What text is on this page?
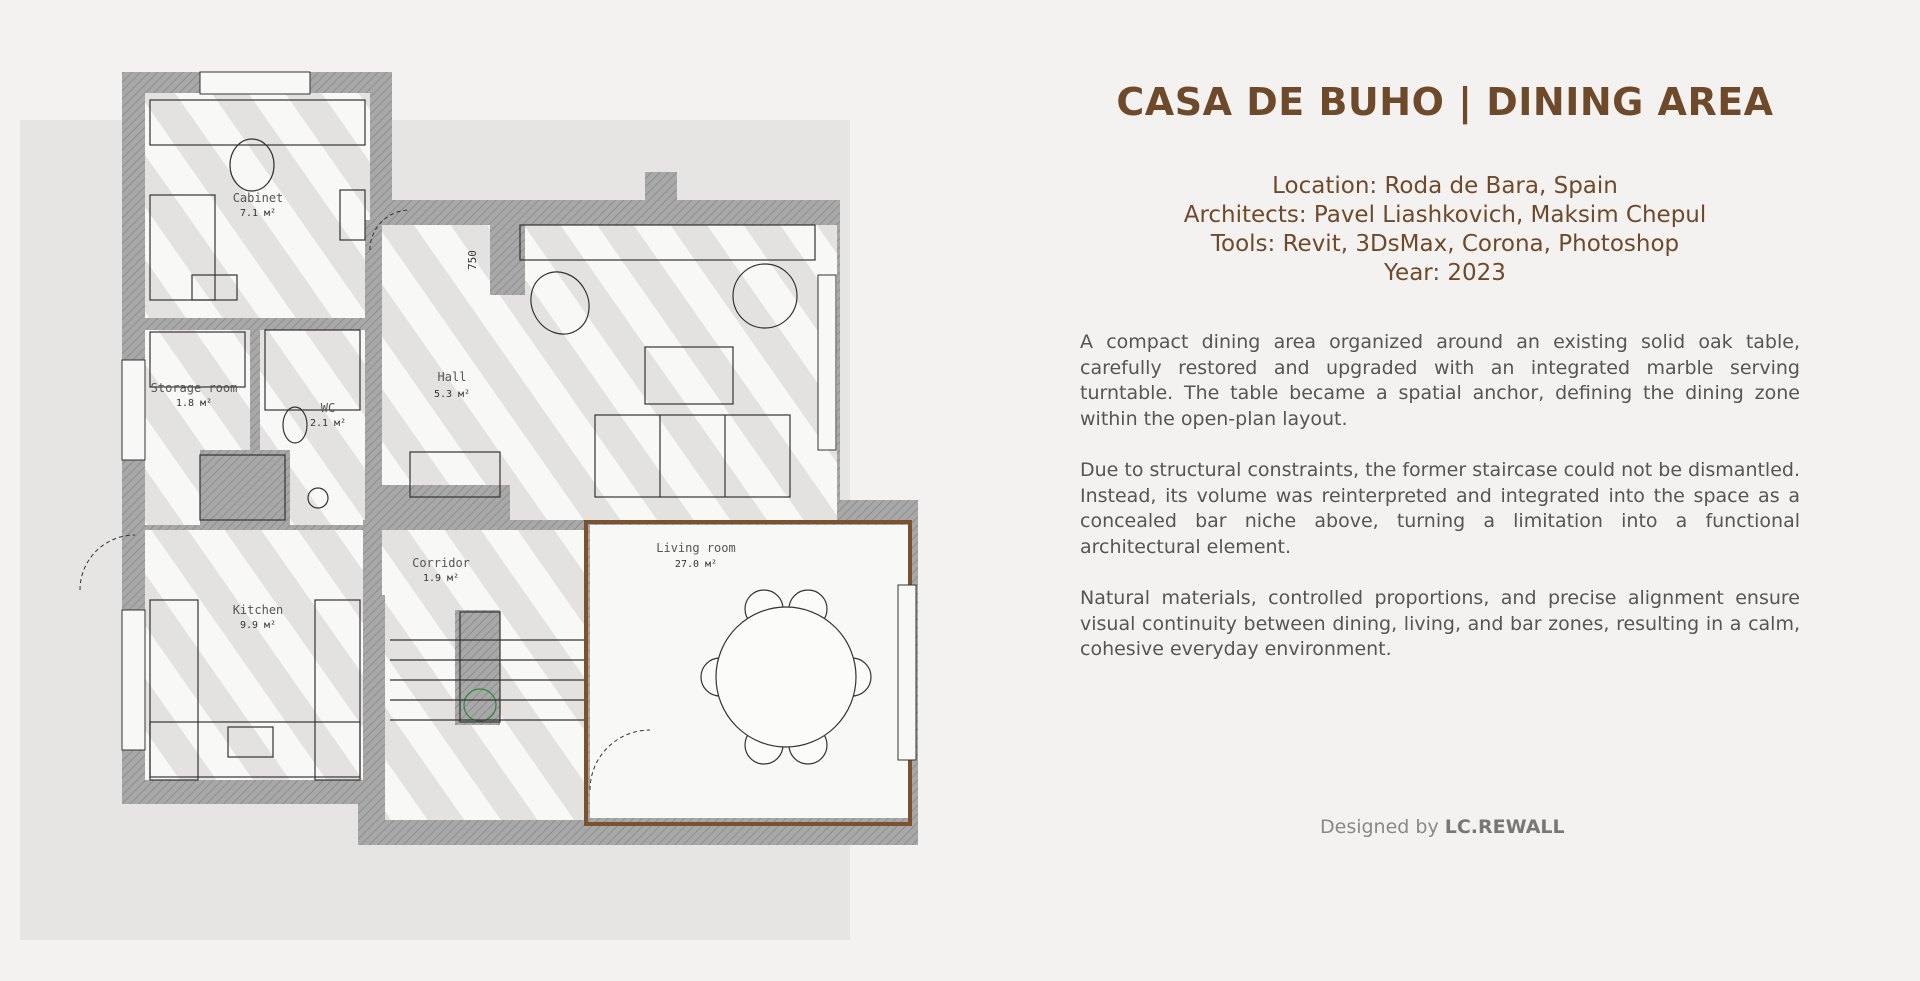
Cabinet
7.1 м²
Hall
5.3 м²
Storage room
1.8 м²	WC
2.1 м²
Corridor
1.9 м²
Kitchen
9.9 м²
Living room
27.0 м²
750
CASA DE BUHO | DINING AREA
Location: Roda de Bara, Spain
Architects: Pavel Liashkovich, Maksim Chepul
Tools: Revit, 3DsMax, Corona, Photoshop
Year: 2023

A compact dining area organized around an existing solid oak table, carefully restored and upgraded with an integrated marble serving turntable. The table became a spatial anchor, defining the dining zone within the open-plan layout.

Due to structural constraints, the former staircase could not be dismantled. Instead, its volume was reinterpreted and integrated into the space as a concealed bar niche above, turning a limitation into a functional architectural element.

Natural materials, controlled proportions, and precise alignment ensure visual continuity between dining, living, and bar zones, resulting in a calm, cohesive everyday environment.

Designed by LC.REWALL
